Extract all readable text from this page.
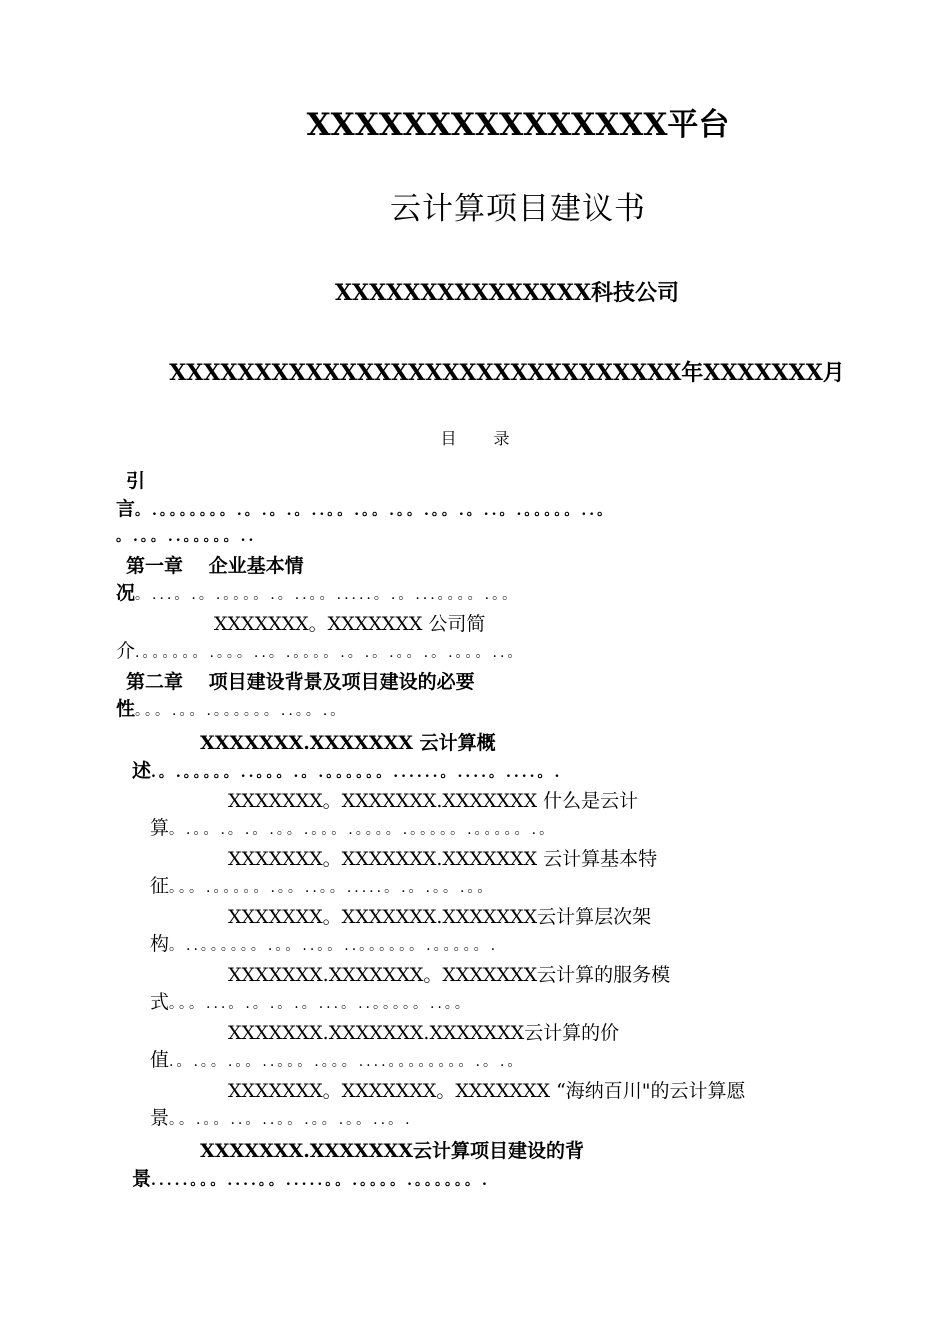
XXXXXXXXXXXXXXX平台
云计算项目建议书
XXXXXXXXXXXXXXX科技公司
XXXXXXXXXXXXXXXXXXXXXXXXXXXXXX年XXXXXXX月
目 录
引
言。.。。。。。。。.。.。.。..。。.。。.。。.。。.。..。.。。。。。..。
。.。。..。。。。。..
第一章　 企业基本情
况。...。.。.。。。。.。..。。.....。.。...。。。。.。。
XXXXXXX。XXXXXXX 公司简
介.。。。。。。.。。。..。.。。。。.。.。.。。.。.。。。..。
第二章　 项目建设背景及项目建设的必要
性。。。.。。.。。。。。。..。。.。
XXXXXXX.XXXXXXX 云计算概
述.。.。。。。。..。。。.。.。。。。。。......。....。....。.
XXXXXXX。XXXXXXX.XXXXXXX 什么是云计
算。.。。.。.。.。。.。。。.。。。。.。。。。。.。。。。。.。
XXXXXXX。XXXXXXX.XXXXXXX 云计算基本特
征。。。.。。。。。.。。..。。.....。.。.。。.。。
XXXXXXX。XXXXXXX.XXXXXXX云计算层次架
构。..。。。。。。.。。..。。..。。。。。。.。。。。。.
XXXXXXX.XXXXXXX。XXXXXXX云计算的服务模
式。。。...。.。.。.。...。..。。。。。..。。
XXXXXXX.XXXXXXX.XXXXXXX云计算的价
值.。.。。.。。..。。。.。。。....。。。。。。。。.。.。
XXXXXXX。XXXXXXX。XXXXXXX “海纳百川"的云计算愿
景。。.。。..。..。。.。。.。。..。.
XXXXXXX.XXXXXXX云计算项目建设的背
景.....。。。....。。.....。。.。。。。.。。。。。。.
